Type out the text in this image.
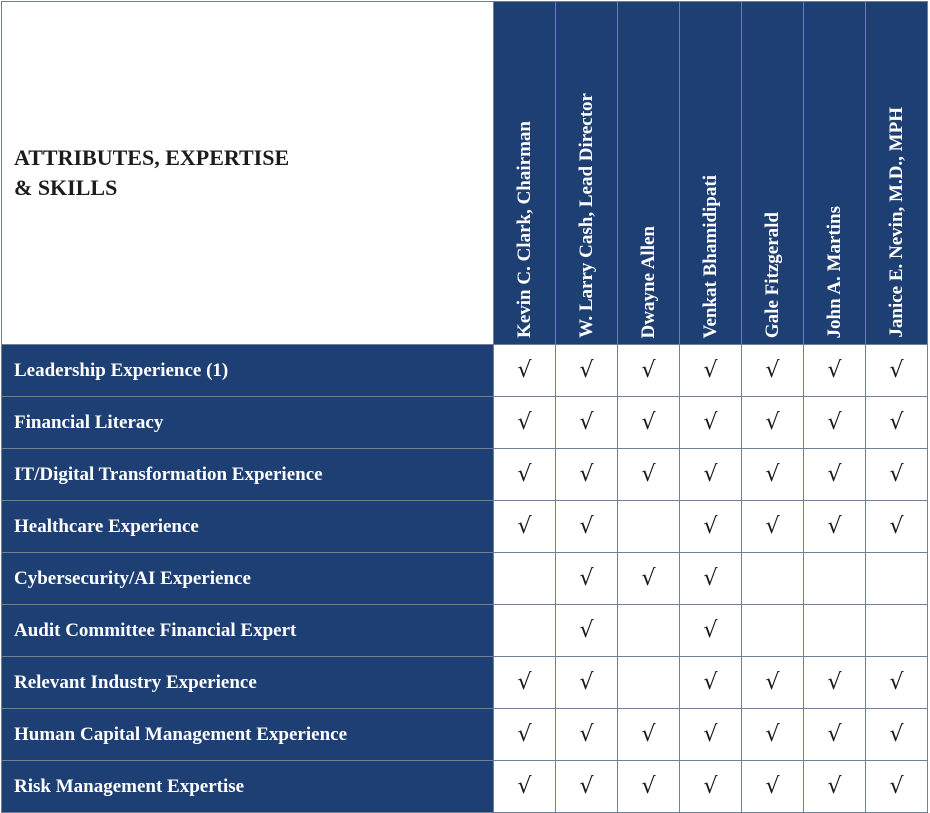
ATTRIBUTES, EXPERTISE
& SKILLS	Kevin C. Clark, Chairman	W. Larry Cash, Lead Director	Dwayne Allen	Venkat Bhamidipati	Gale Fitzgerald	John A. Martins	Janice E. Nevin, M.D., MPH

Leadership Experience (1)	√	√	√	√	√	√	√
Financial Literacy	√	√	√	√	√	√	√
IT/Digital Transformation Experience	√	√	√	√	√	√	√
Healthcare Experience	√	√		√	√	√	√
Cybersecurity/AI Experience		√	√	√			
Audit Committee Financial Expert		√		√			
Relevant Industry Experience	√	√		√	√	√	√
Human Capital Management Experience	√	√	√	√	√	√	√
Risk Management Expertise	√	√	√	√	√	√	√
